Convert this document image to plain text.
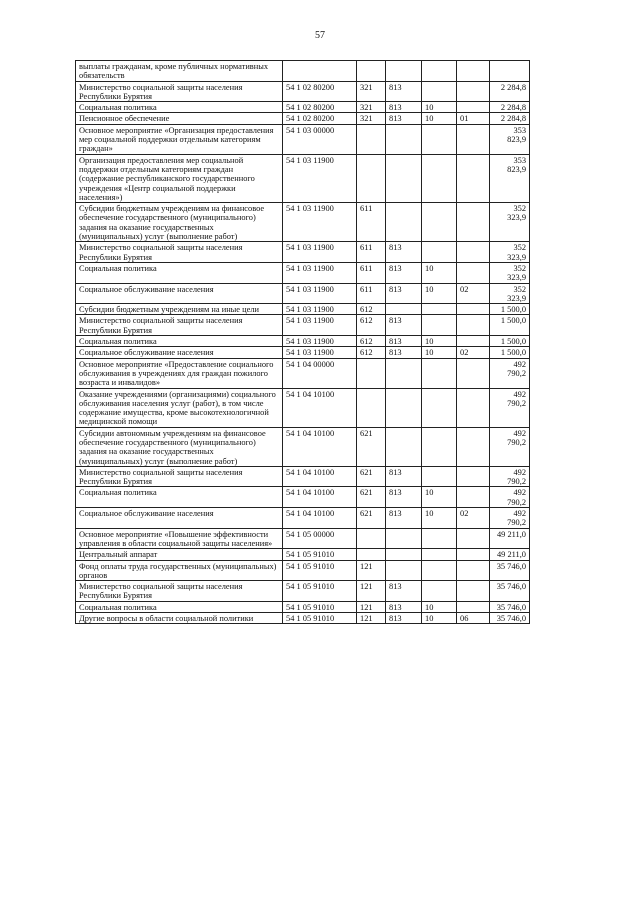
57
выплаты гражданам, кроме публичных нормативных обязательств						
Министерство социальной защиты населения Республики Бурятия	54 1 02 80200	321	813			2 284,8
Социальная политика	54 1 02 80200	321	813	10		2 284,8
Пенсионное обеспечение	54 1 02 80200	321	813	10	01	2 284,8
Основное мероприятие «Организация предоставления мер социальной поддержки отдельным категориям граждан»	54 1 03 00000					353 823,9
Организация предоставления мер социальной поддержки отдельным категориям граждан (содержание республиканского государственного учреждения «Центр социальной поддержки населения»)	54 1 03 11900					353 823,9
Субсидии бюджетным учреждениям на финансовое обеспечение государственного (муниципального) задания на оказание государственных (муниципальных) услуг (выполнение работ)	54 1 03 11900	611				352 323,9
Министерство социальной защиты населения Республики Бурятия	54 1 03 11900	611	813			352 323,9
Социальная политика	54 1 03 11900	611	813	10		352 323,9
Социальное обслуживание населения	54 1 03 11900	611	813	10	02	352 323,9
Субсидии бюджетным учреждениям на иные цели	54 1 03 11900	612				1 500,0
Министерство социальной защиты населения Республики Бурятия	54 1 03 11900	612	813			1 500,0
Социальная политика	54 1 03 11900	612	813	10		1 500,0
Социальное обслуживание населения	54 1 03 11900	612	813	10	02	1 500,0
Основное мероприятие «Предоставление социального обслуживания в учреждениях для граждан пожилого возраста и инвалидов»	54 1 04 00000					492 790,2
Оказание учреждениями (организациями) социального обслуживания населения услуг (работ), в том числе содержание имущества, кроме высокотехнологичной медицинской помощи	54 1 04 10100					492 790,2
Субсидии автономным учреждениям на финансовое обеспечение государственного (муниципального) задания на оказание государственных (муниципальных) услуг (выполнение работ)	54 1 04 10100	621				492 790,2
Министерство социальной защиты населения Республики Бурятия	54 1 04 10100	621	813			492 790,2
Социальная политика	54 1 04 10100	621	813	10		492 790,2
Социальное обслуживание населения	54 1 04 10100	621	813	10	02	492 790,2
Основное мероприятие «Повышение эффективности управления в области социальной защиты населения»	54 1 05 00000					49 211,0
Центральный аппарат	54 1 05 91010					49 211,0
Фонд оплаты труда государственных (муниципальных) органов	54 1 05 91010	121				35 746,0
Министерство социальной защиты населения Республики Бурятия	54 1 05 91010	121	813			35 746,0
Социальная политика	54 1 05 91010	121	813	10		35 746,0
Другие вопросы в области социальной политики	54 1 05 91010	121	813	10	06	35 746,0
